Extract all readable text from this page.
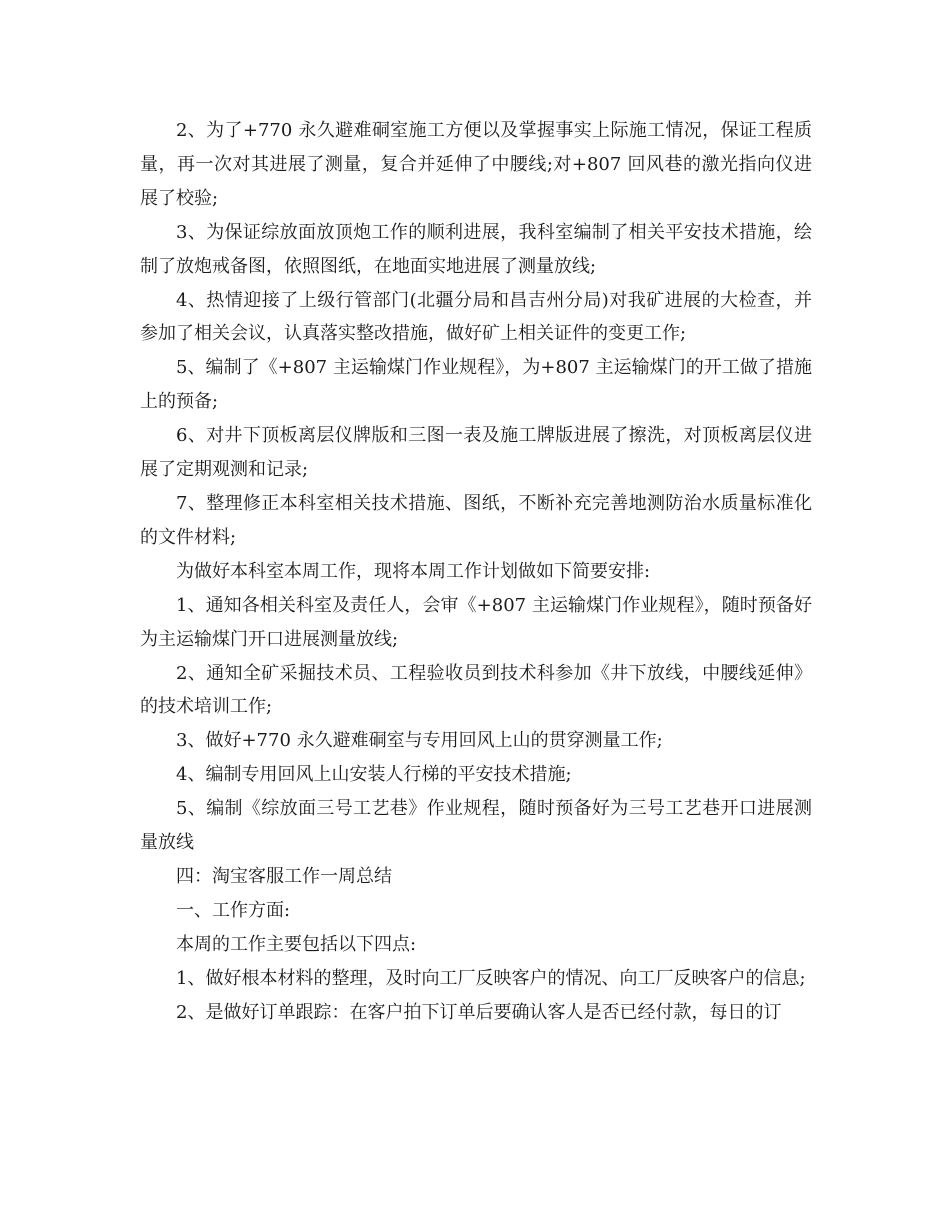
2、为了+770 永久避难硐室施工方便以及掌握事实上际施工情况，保证工程质量，再一次对其进展了测量，复合并延伸了中腰线;对+807 回风巷的激光指向仪进展了校验;

3、为保证综放面放顶炮工作的顺利进展，我科室编制了相关平安技术措施，绘制了放炮戒备图，依照图纸，在地面实地进展了测量放线;

4、热情迎接了上级行管部门(北疆分局和昌吉州分局)对我矿进展的大检查，并参加了相关会议，认真落实整改措施，做好矿上相关证件的变更工作;

5、编制了《+807 主运输煤门作业规程》，为+807 主运输煤门的开工做了措施上的预备;

6、对井下顶板离层仪牌版和三图一表及施工牌版进展了擦洗，对顶板离层仪进展了定期观测和记录;

7、整理修正本科室相关技术措施、图纸，不断补充完善地测防治水质量标准化的文件材料;

为做好本科室本周工作，现将本周工作计划做如下简要安排:

1、通知各相关科室及责任人，会审《+807 主运输煤门作业规程》，随时预备好为主运输煤门开口进展测量放线;

2、通知全矿采掘技术员、工程验收员到技术科参加《井下放线，中腰线延伸》的技术培训工作;

3、做好+770 永久避难硐室与专用回风上山的贯穿测量工作;

4、编制专用回风上山安装人行梯的平安技术措施;

5、编制《综放面三号工艺巷》作业规程，随时预备好为三号工艺巷开口进展测量放线

四：淘宝客服工作一周总结

一、工作方面:

本周的工作主要包括以下四点:

1、做好根本材料的整理，及时向工厂反映客户的情况、向工厂反映客户的信息;

2、是做好订单跟踪：在客户拍下订单后要确认客人是否已经付款，每日的订
